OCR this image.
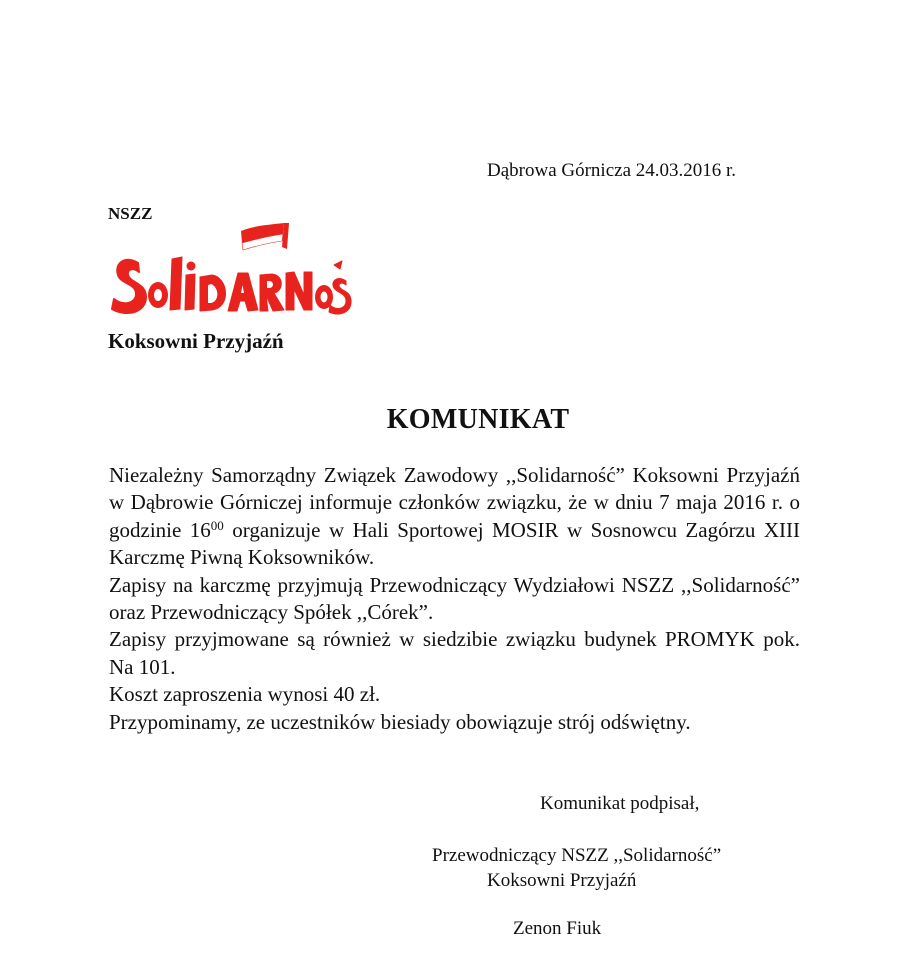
Dąbrowa Górnicza 24.03.2016 r.
NSZZ
Koksowni Przyjaźń
KOMUNIKAT

Niezależny Samorządny Związek Zawodowy ,,Solidarność” Koksowni Przyjaźń w Dąbrowie Górniczej informuje członków związku, że w dniu 7 maja 2016 r. o godzinie $16^{00}$ organizuje w Hali Sportowej MOSIR w Sosnowcu Zagórzu XIII Karczmę Piwną Koksowników.

Zapisy na karczmę przyjmują Przewodniczący Wydziałowi NSZZ ,,Solidarność” oraz Przewodniczący Spółek ,,Córek”.

Zapisy przyjmowane są również w siedzibie związku budynek PROMYK pok. Na 101.

Koszt zaproszenia wynosi 40 zł.

Przypominamy, ze uczestników biesiady obowiązuje strój odświętny.

Komunikat podpisał,
Przewodniczący NSZZ ,,Solidarność”
Koksowni Przyjaźń
Zenon Fiuk
